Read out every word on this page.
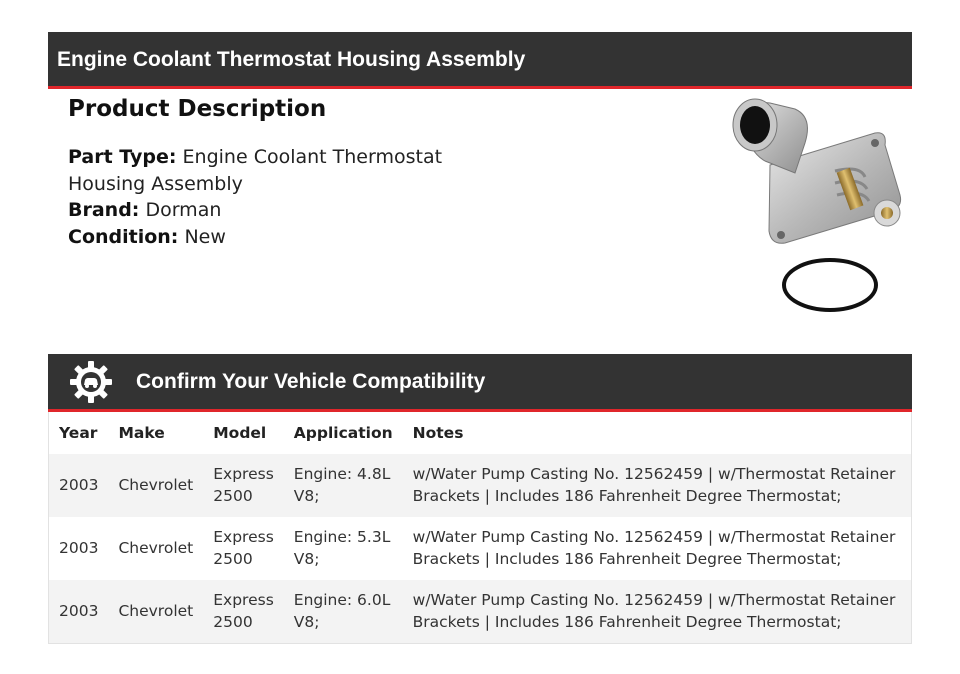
Engine Coolant Thermostat Housing Assembly
Product Description

Part Type: Engine Coolant Thermostat Housing Assembly

Brand: Dorman

Condition: New

Confirm Your Vehicle Compatibility
Year	Make	Model	Application	Notes
2003	Chevrolet	Express 2500	Engine: 4.8L V8;	w/Water Pump Casting No. 12562459 | w/Thermostat Retainer Brackets | Includes 186 Fahrenheit Degree Thermostat;
2003	Chevrolet	Express 2500	Engine: 5.3L V8;	w/Water Pump Casting No. 12562459 | w/Thermostat Retainer Brackets | Includes 186 Fahrenheit Degree Thermostat;
2003	Chevrolet	Express 2500	Engine: 6.0L V8;	w/Water Pump Casting No. 12562459 | w/Thermostat Retainer Brackets | Includes 186 Fahrenheit Degree Thermostat;
